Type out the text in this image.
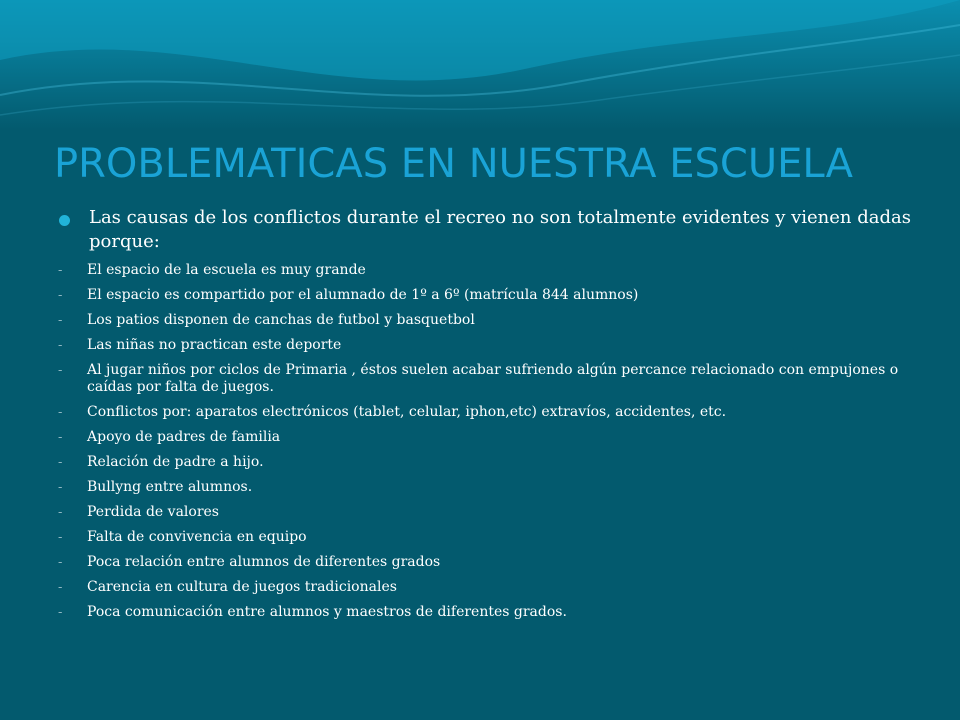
PROBLEMATICAS EN NUESTRA ESCUELA
Las causas de los conflictos durante el recreo no son totalmente evidentes y vienen dadas porque:
- El espacio de la escuela es muy grande
- El espacio es compartido por el alumnado de 1º a 6º (matrícula 844 alumnos)
- Los patios disponen de canchas de futbol y basquetbol
- Las niñas no practican este deporte
- Al jugar niños por ciclos de Primaria , éstos suelen acabar sufriendo algún percance relacionado con empujones o caídas por falta de juegos.
- Conflictos por: aparatos electrónicos (tablet, celular, iphon,etc) extravíos, accidentes, etc.
- Apoyo de padres de familia
- Relación de padre a hijo.
- Bullyng entre alumnos.
- Perdida de valores
- Falta de convivencia en equipo
- Poca relación entre alumnos de diferentes grados
- Carencia en cultura de juegos tradicionales
- Poca comunicación entre alumnos y maestros de diferentes grados.
